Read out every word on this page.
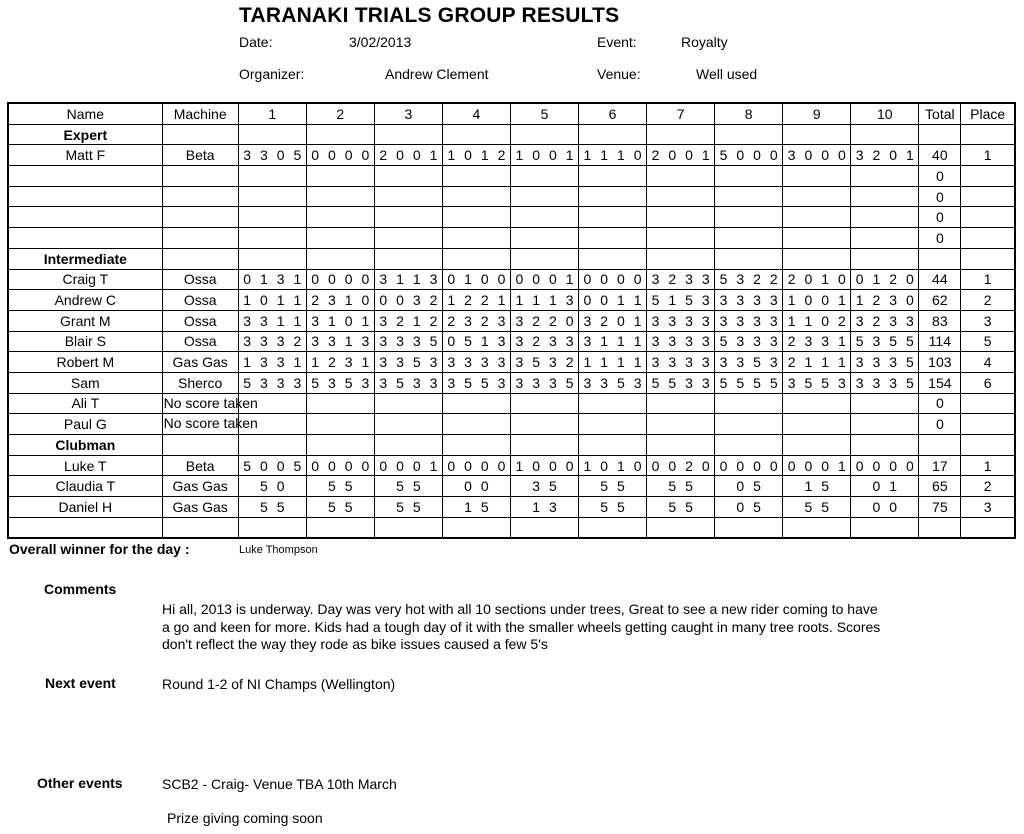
TARANAKI TRIALS GROUP RESULTS
Date:	3/02/2013	Event:	Royalty
Organizer:	Andrew Clement	Venue:	Well used
Name	Machine	1	2	3	4	5	6	7	8	9	10	Total	Place
Expert													
Matt F	Beta	3 3 0 5	0 0 0 0	2 0 0 1	1 0 1 2	1 0 0 1	1 1 1 0	2 0 0 1	5 0 0 0	3 0 0 0	3 2 0 1	40	1
												0	
												0	
												0	
												0	
Intermediate													
Craig T	Ossa	0 1 3 1	0 0 0 0	3 1 1 3	0 1 0 0	0 0 0 1	0 0 0 0	3 2 3 3	5 3 2 2	2 0 1 0	0 1 2 0	44	1
Andrew C	Ossa	1 0 1 1	2 3 1 0	0 0 3 2	1 2 2 1	1 1 1 3	0 0 1 1	5 1 5 3	3 3 3 3	1 0 0 1	1 2 3 0	62	2
Grant M	Ossa	3 3 1 1	3 1 0 1	3 2 1 2	2 3 2 3	3 2 2 0	3 2 0 1	3 3 3 3	3 3 3 3	1 1 0 2	3 2 3 3	83	3
Blair S	Ossa	3 3 3 2	3 3 1 3	3 3 3 5	0 5 1 3	3 2 3 3	3 1 1 1	3 3 3 3	5 3 3 3	2 3 3 1	5 3 5 5	114	5
Robert M	Gas Gas	1 3 3 1	1 2 3 1	3 3 5 3	3 3 3 3	3 5 3 2	1 1 1 1	3 3 3 3	3 3 5 3	2 1 1 1	3 3 3 5	103	4
Sam	Sherco	5 3 3 3	5 3 5 3	3 5 3 3	3 5 5 3	3 3 3 5	3 3 5 3	5 5 3 3	5 5 5 5	3 5 5 3	3 3 3 5	154	6
Ali T	No score taken											0	
Paul G	No score taken											0	
Clubman													
Luke T	Beta	5 0 0 5	0 0 0 0	0 0 0 1	0 0 0 0	1 0 0 0	1 0 1 0	0 0 2 0	0 0 0 0	0 0 0 1	0 0 0 0	17	1
Claudia T	Gas Gas	5 0	5 5	5 5	0 0	3 5	5 5	5 5	0 5	1 5	0 1	65	2
Daniel H	Gas Gas	5 5	5 5	5 5	1 5	1 3	5 5	5 5	0 5	5 5	0 0	75	3

Overall winner for the day :	Luke Thompson
Comments
Hi all, 2013 is underway. Day was very hot with all 10 sections under trees, Great to see a new rider coming to have
a go and keen for more. Kids had a tough day of it with the smaller wheels getting caught in many tree roots. Scores
don't reflect the way they rode as bike issues caused a few 5's
Next event	Round 1-2 of NI Champs (Wellington)
Other events	SCB2 - Craig- Venue TBA 10th March
Prize giving coming soon
